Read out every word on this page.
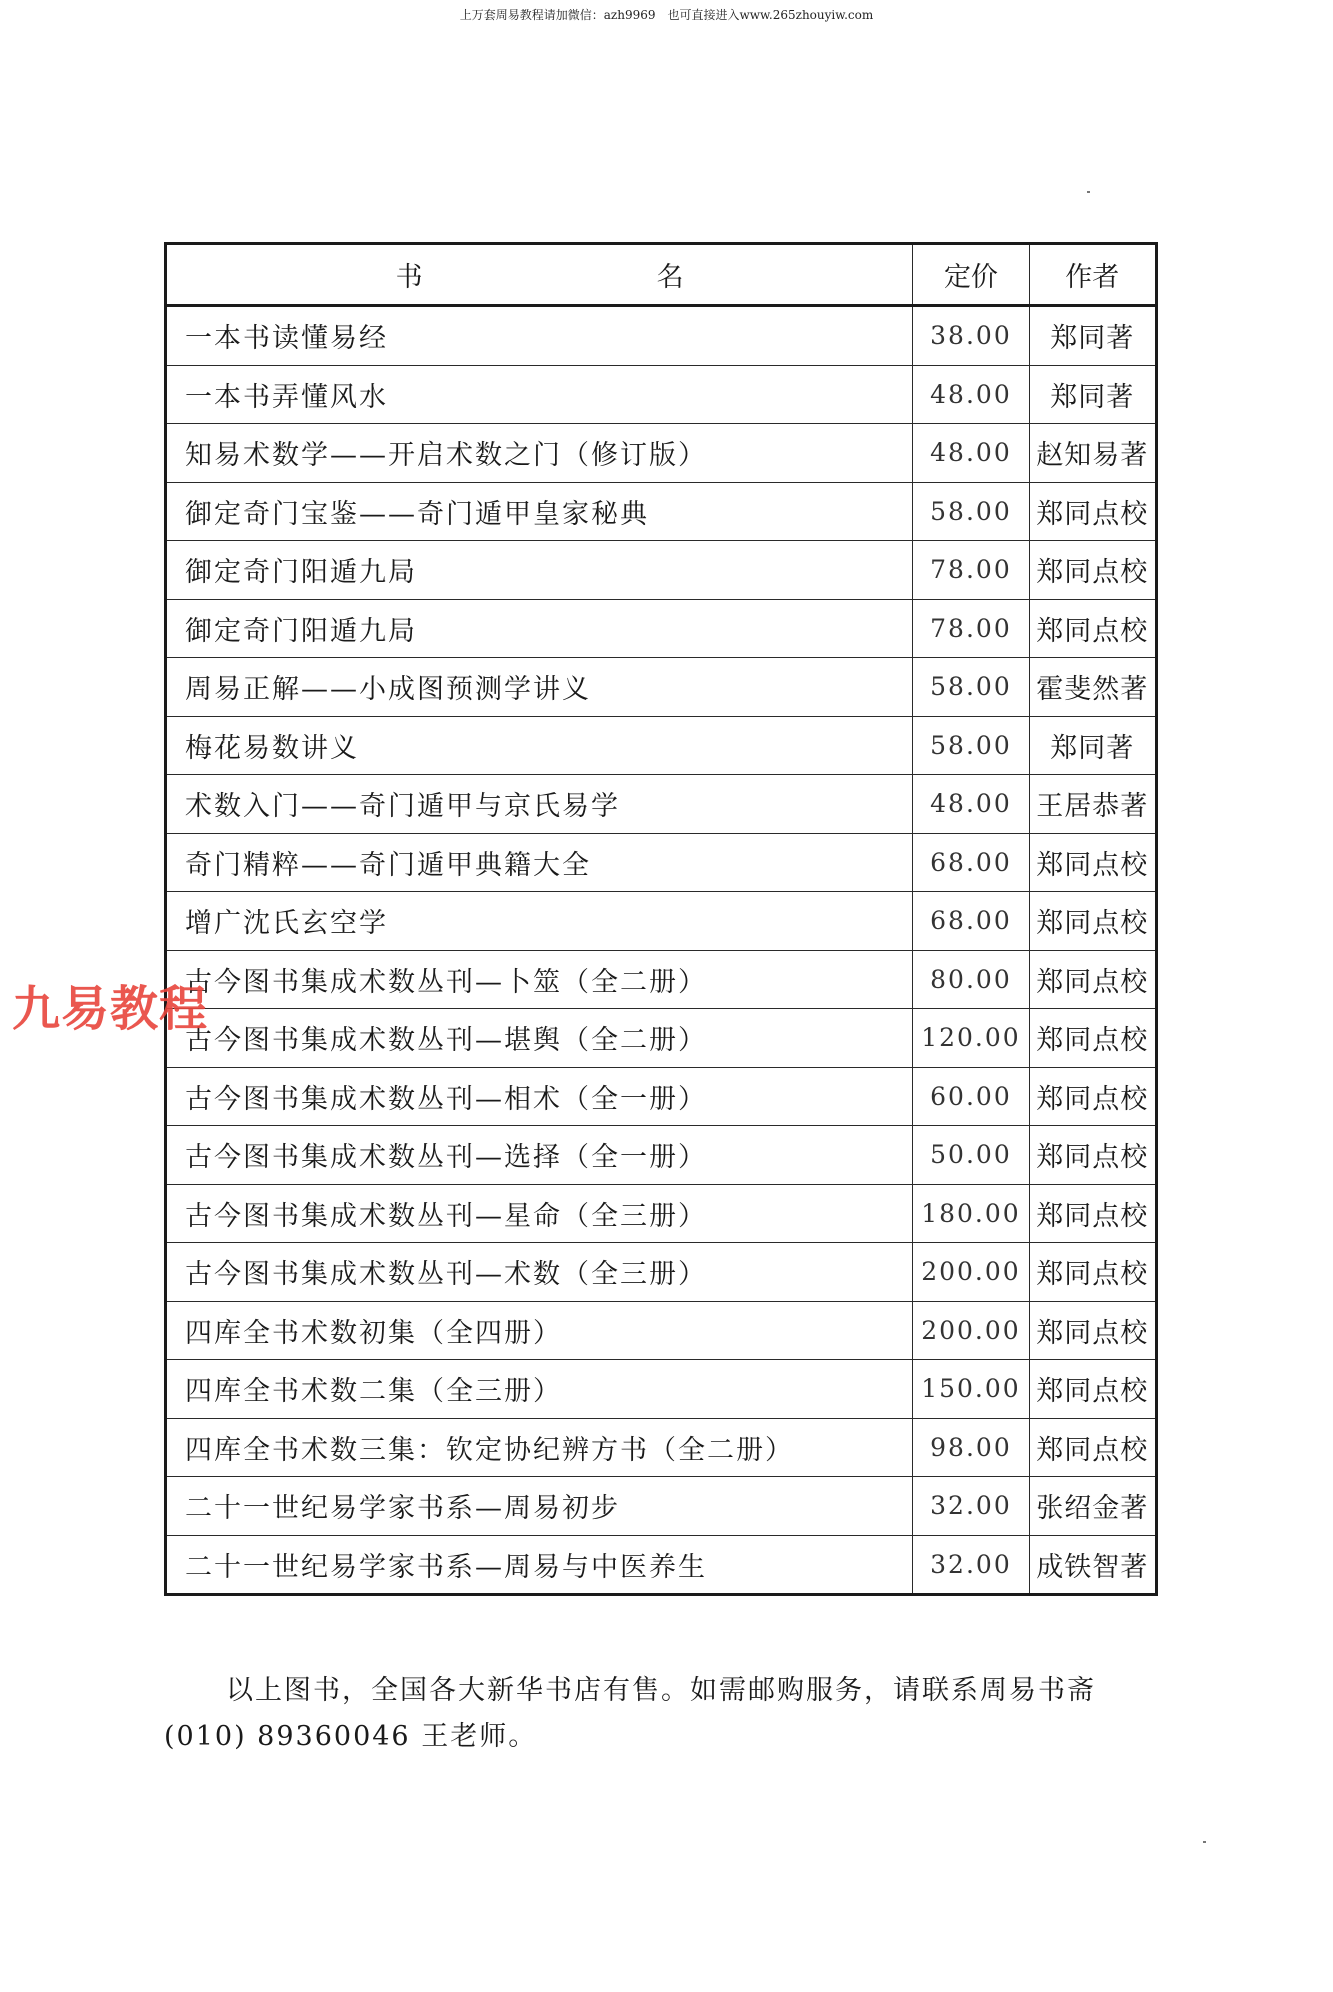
上万套周易教程请加微信：azh9969　也可直接进入www.265zhouyiw.com
书　　名	定价	作者
一本书读懂易经	38.00	郑同著
一本书弄懂风水	48.00	郑同著
知易术数学——开启术数之门（修订版）	48.00	赵知易著
御定奇门宝鉴——奇门遁甲皇家秘典	58.00	郑同点校
御定奇门阳遁九局	78.00	郑同点校
御定奇门阳遁九局	78.00	郑同点校
周易正解——小成图预测学讲义	58.00	霍斐然著
梅花易数讲义	58.00	郑同著
术数入门——奇门遁甲与京氏易学	48.00	王居恭著
奇门精粹——奇门遁甲典籍大全	68.00	郑同点校
增广沈氏玄空学	68.00	郑同点校
古今图书集成术数丛刊—卜筮（全二册）	80.00	郑同点校
古今图书集成术数丛刊—堪舆（全二册）	120.00	郑同点校
古今图书集成术数丛刊—相术（全一册）	60.00	郑同点校
古今图书集成术数丛刊—选择（全一册）	50.00	郑同点校
古今图书集成术数丛刊—星命（全三册）	180.00	郑同点校
古今图书集成术数丛刊—术数（全三册）	200.00	郑同点校
四库全书术数初集（全四册）	200.00	郑同点校
四库全书术数二集（全三册）	150.00	郑同点校
四库全书术数三集：钦定协纪辨方书（全二册）	98.00	郑同点校
二十一世纪易学家书系—周易初步	32.00	张绍金著
二十一世纪易学家书系—周易与中医养生	32.00	成铁智著
九易教程
以上图书，全国各大新华书店有售。如需邮购服务，请联系周易书斋
(010) 89360046 王老师。
